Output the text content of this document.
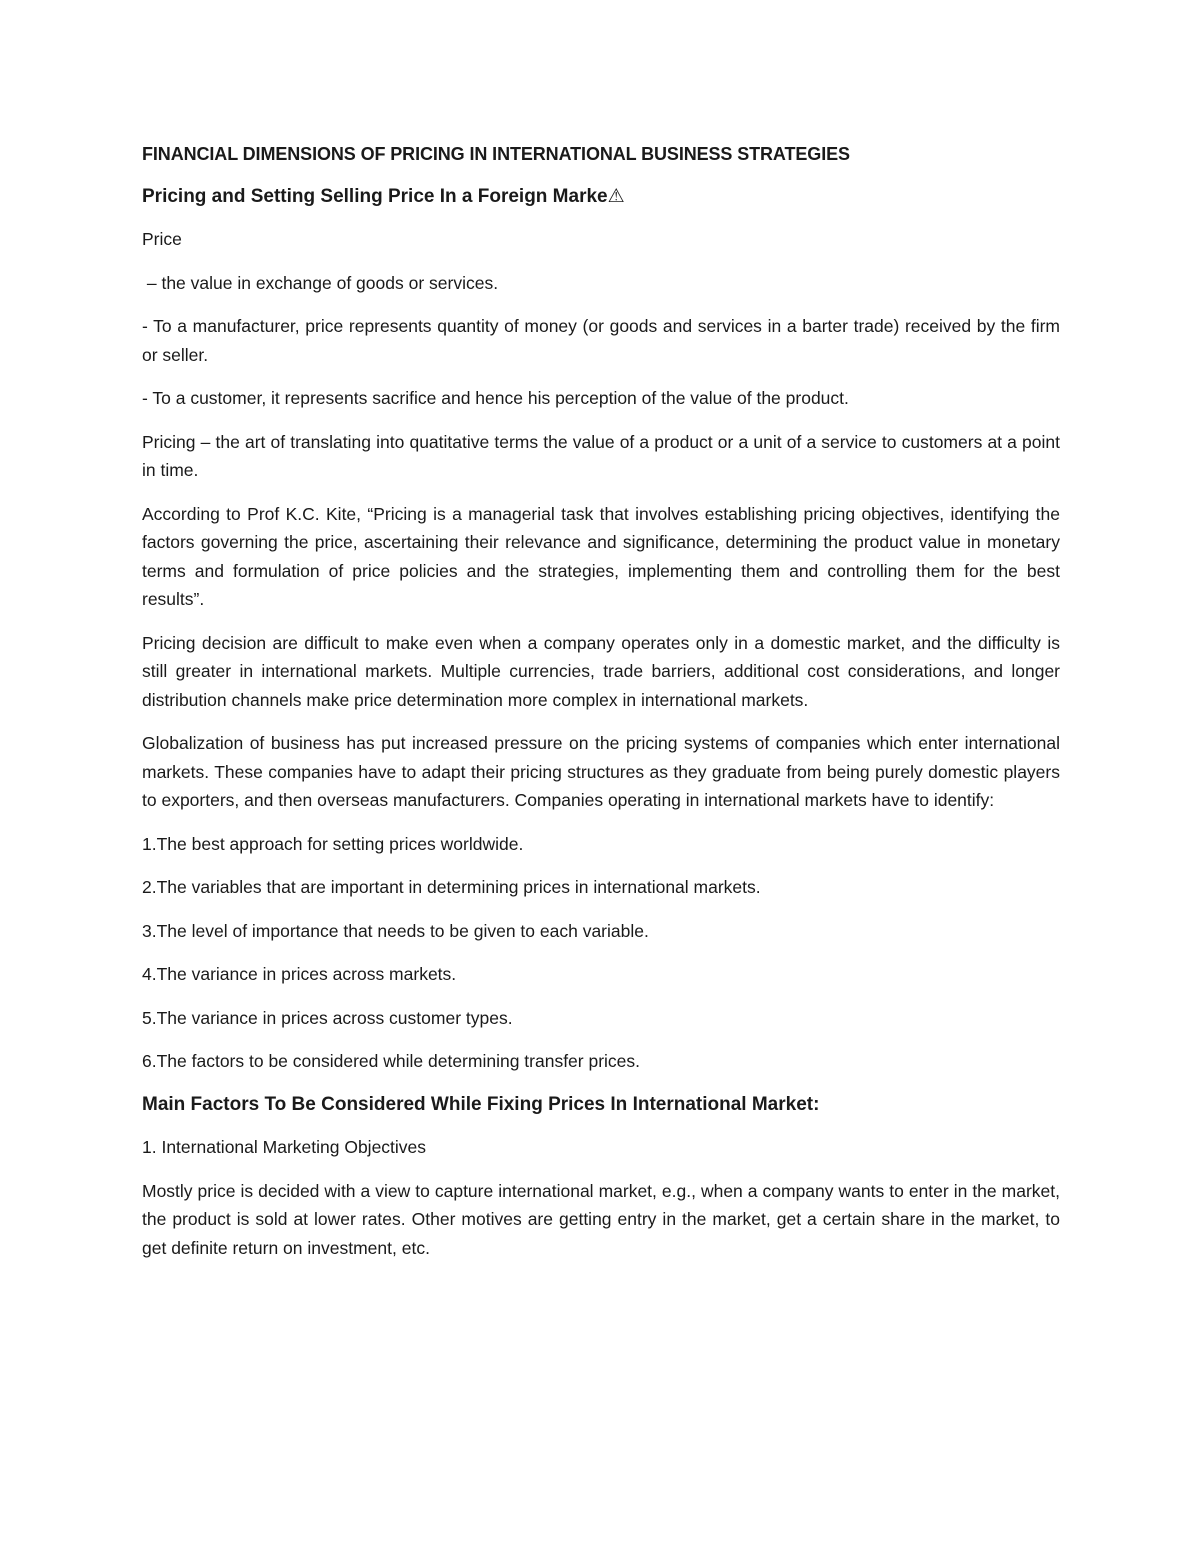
FINANCIAL DIMENSIONS OF PRICING IN INTERNATIONAL BUSINESS STRATEGIES
Pricing and Setting Selling Price In a Foreign Marke⚠

Price

– the value in exchange of goods or services.

- To a manufacturer, price represents quantity of money (or goods and services in a barter trade) received by the firm or seller.

- To a customer, it represents sacrifice and hence his perception of the value of the product.

Pricing – the art of translating into quatitative terms the value of a product or a unit of a service to customers at a point in time.

According to Prof K.C. Kite, “Pricing is a managerial task that involves establishing pricing objectives, identifying the factors governing the price, ascertaining their relevance and significance, determining the product value in monetary terms and formulation of price policies and the strategies, implementing them and controlling them for the best results”.

Pricing decision are difficult to make even when a company operates only in a domestic market, and the difficulty is still greater in international markets. Multiple currencies, trade barriers, additional cost considerations, and longer distribution channels make price determination more complex in international markets.

Globalization of business has put increased pressure on the pricing systems of companies which enter international markets. These companies have to adapt their pricing structures as they graduate from being purely domestic players to exporters, and then overseas manufacturers. Companies operating in international markets have to identify:

1.The best approach for setting prices worldwide.

2.The variables that are important in determining prices in international markets.

3.The level of importance that needs to be given to each variable.

4.The variance in prices across markets.

5.The variance in prices across customer types.

6.The factors to be considered while determining transfer prices.

Main Factors To Be Considered While Fixing Prices In International Market:

1. International Marketing Objectives

Mostly price is decided with a view to capture international market, e.g., when a company wants to enter in the market, the product is sold at lower rates. Other motives are getting entry in the market, get a certain share in the market, to get definite return on investment, etc.
